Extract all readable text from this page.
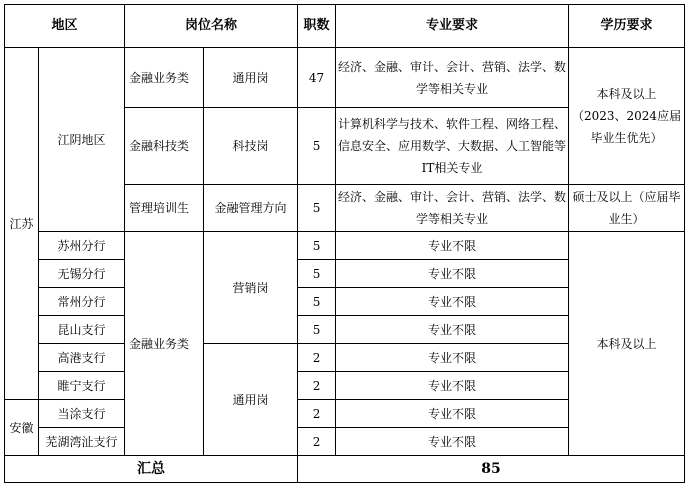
地区		岗位名称		职数	专业要求	学历要求
江苏	江阴地区	金融业务类	通用岗	47	经济、金融、审计、会计、营销、法学、数学等相关专业	本科及以上（2023、2024应届毕业生优先）
		金融科技类	科技岗	5	计算机科学与技术、软件工程、网络工程、信息安全、应用数学、大数据、人工智能等IT相关专业	
		管理培训生	金融管理方向	5	经济、金融、审计、会计、营销、法学、数学等相关专业	硕士及以上（应届毕业生）
	苏州分行	金融业务类	营销岗	5	专业不限	本科及以上
	无锡分行			5	专业不限	
	常州分行			5	专业不限	
	昆山支行			5	专业不限	
	高港支行		通用岗	2	专业不限	
	睢宁支行			2	专业不限	
安徽	当涂支行			2	专业不限	
	芜湖湾沚支行			2	专业不限	
汇总				85		
